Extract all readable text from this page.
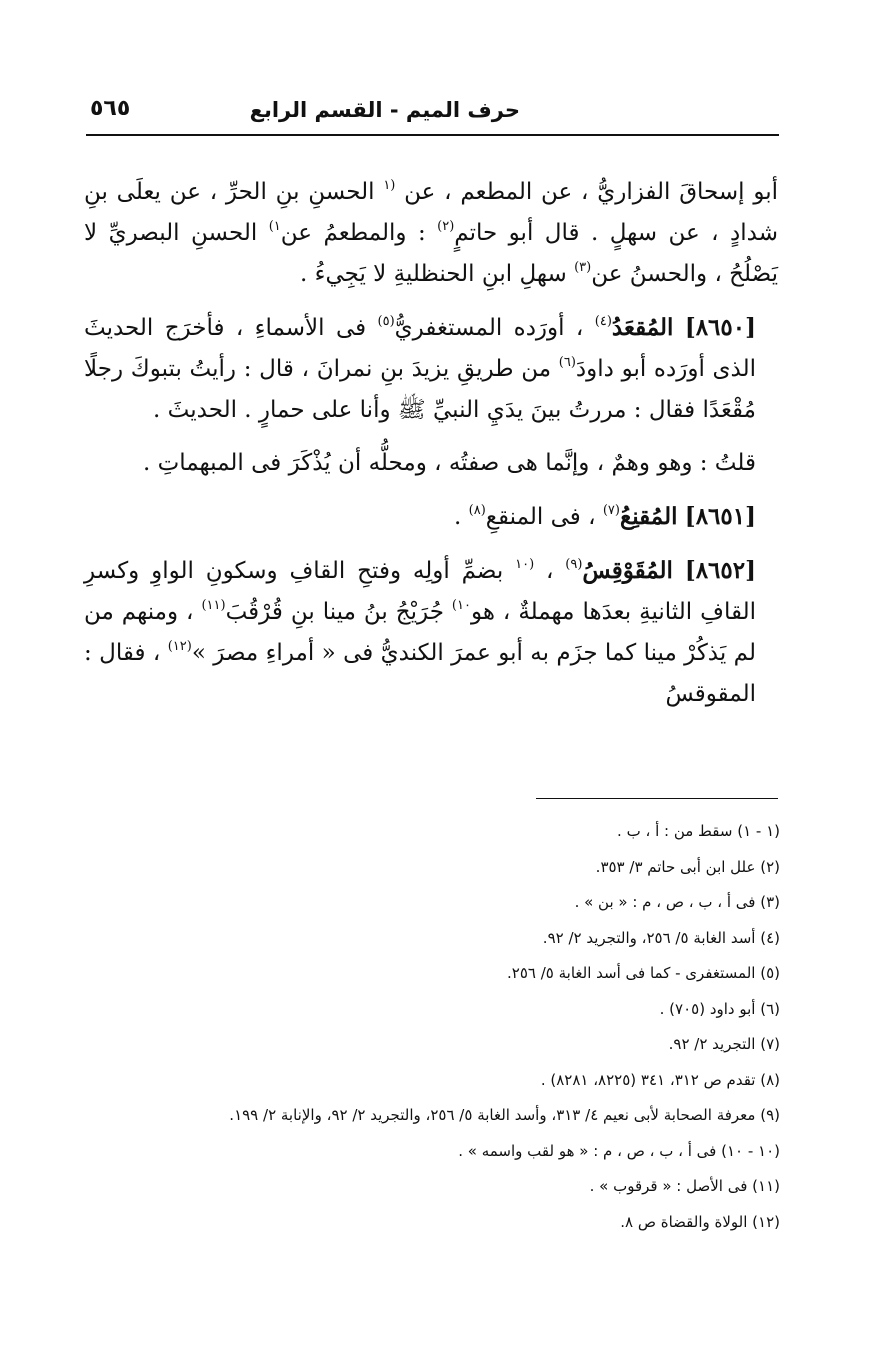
حرف الميم - القسم الرابع
٥٦٥

أبو إسحاقَ الفزاريُّ ، عن المطعم ، عن $^{(١}$ الحسنِ بنِ الحرِّ ، عن يعلَى بنِ شدادٍ ، عن سهلٍ . قال أبو حاتمٍ$^{(٢)}$ : والمطعمُ عن$^{١)}$ الحسنِ البصريِّ لا يَصْلُحُ ، والحسنُ عن$^{(٣)}$ سهلِ ابنِ الحنظليةِ لا يَجِيءُ .

[٨٦٥٠] المُقعَدُ$^{(٤)}$ ، أورَده المستغفريُّ$^{(٥)}$ فى الأسماءِ ، فأخرَج الحديثَ الذى أورَده أبو داودَ$^{(٦)}$ من طريقِ يزيدَ بنِ نمرانَ ، قال : رأيتُ بتبوكَ رجلًا مُقْعَدًا فقال : مررتُ بينَ يدَيِ النبيِّ ﷺ وأنا على حمارٍ . الحديثَ .

قلتُ : وهو وهمٌ ، وإنَّما هى صفتُه ، ومحلُّه أن يُذْكَرَ فى المبهماتِ .

[٨٦٥١] المُقنِعُ$^{(٧)}$ ، فى المنقعِ$^{(٨)}$ .

[٨٦٥٢] المُقَوْقِسُ$^{(٩)}$ ، $^{(١٠}$ بضمِّ أولِه وفتحِ القافِ وسكونِ الواوِ وكسرِ القافِ الثانيةِ بعدَها مهملةٌ ، هو$^{١٠)}$ جُرَيْجُ بنُ مينا بنِ قُرْقُبَ$^{(١١)}$ ، ومنهم من لم يَذكُرْ مينا كما جزَم به أبو عمرَ الكنديُّ فى « أمراءِ مصرَ »$^{(١٢)}$ ، فقال : المقوقسُ

(١ - ١) سقط من : أ ، ب .
(٢) علل ابن أبى حاتم ٣/ ٣٥٣.
(٣) فى أ ، ب ، ص ، م : « بن » .
(٤) أسد الغابة ٥/ ٢٥٦، والتجريد ٢/ ٩٢.
(٥) المستغفرى - كما فى أسد الغابة ٥/ ٢٥٦.
(٦) أبو داود (٧٠٥) .
(٧) التجريد ٢/ ٩٢.
(٨) تقدم ص ٣١٢، ٣٤١ (٨٢٢٥، ٨٢٨١) .
(٩) معرفة الصحابة لأبى نعيم ٤/ ٣١٣، وأسد الغابة ٥/ ٢٥٦، والتجريد ٢/ ٩٢، والإنابة ٢/ ١٩٩.
(١٠ - ١٠) فى أ ، ب ، ص ، م : « هو لقب واسمه » .
(١١) فى الأصل : « قرقوب » .
(١٢) الولاة والقضاة ص ٨.
